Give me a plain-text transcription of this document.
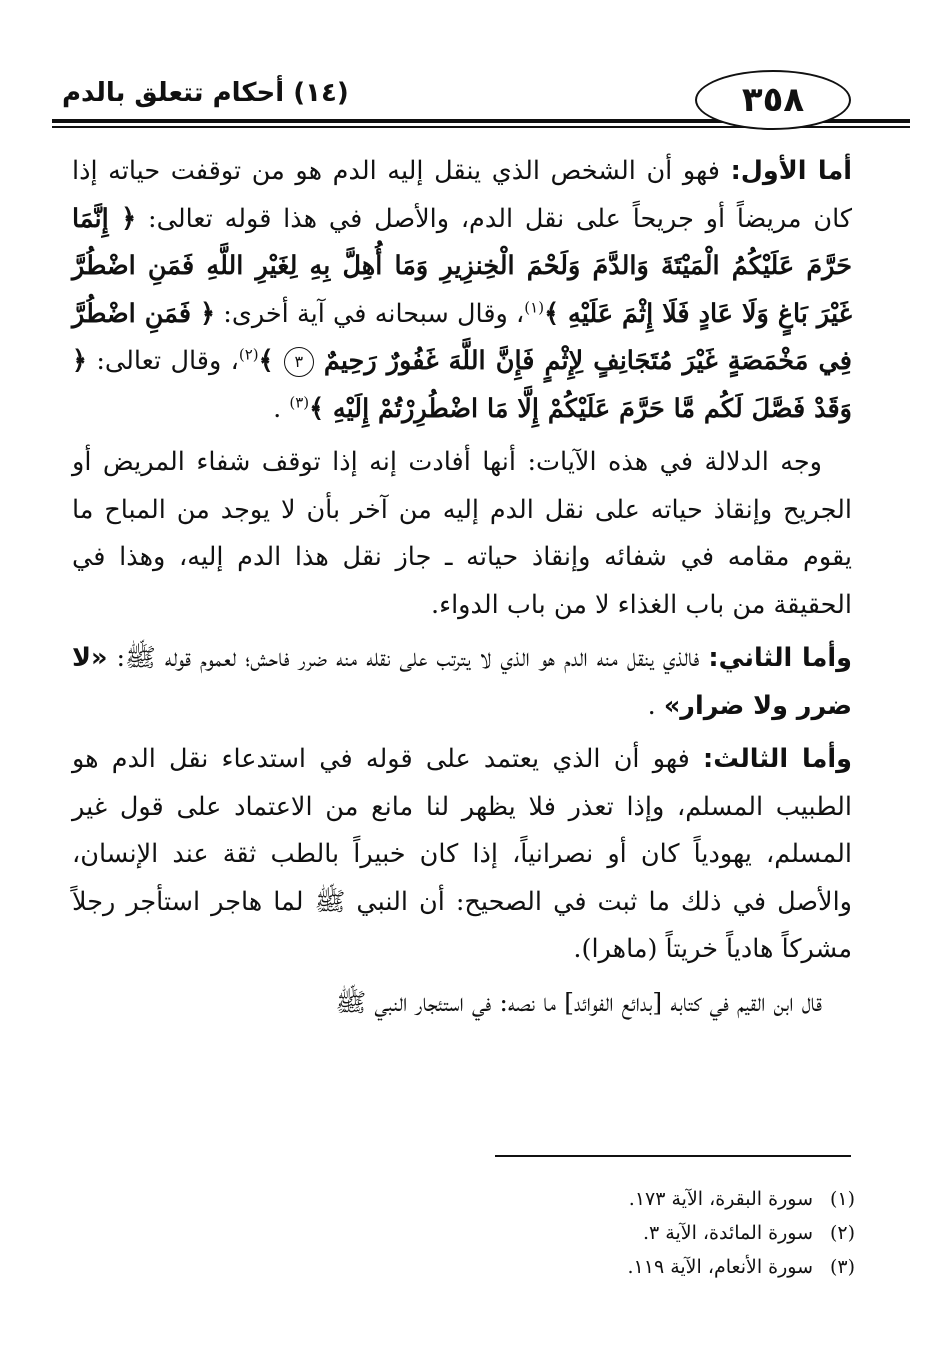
(١٤) أحكام تتعلق بالدم	٣٥٨

أما الأول: فهو أن الشخص الذي ينقل إليه الدم هو من توقفت حياته إذا كان مريضاً أو جريحاً على نقل الدم، والأصل في هذا قوله تعالى: ﴿ إِنَّمَا حَرَّمَ عَلَيْكُمُ الْمَيْتَةَ وَالدَّمَ وَلَحْمَ الْخِنزِيرِ وَمَا أُهِلَّ بِهِ لِغَيْرِ اللَّهِ فَمَنِ اضْطُرَّ غَيْرَ بَاغٍ وَلَا عَادٍ فَلَا إِثْمَ عَلَيْهِ ﴾$^{(١)}$، وقال سبحانه في آية أخرى: ﴿ فَمَنِ اضْطُرَّ فِي مَخْمَصَةٍ غَيْرَ مُتَجَانِفٍ لِإِثْمٍ فَإِنَّ اللَّهَ غَفُورٌ رَحِيمٌ ٣ ﴾$^{(٢)}$، وقال تعالى: ﴿ وَقَدْ فَصَّلَ لَكُم مَّا حَرَّمَ عَلَيْكُمْ إِلَّا مَا اضْطُرِرْتُمْ إِلَيْهِ ﴾$^{(٣)}$ .

وجه الدلالة في هذه الآيات: أنها أفادت إنه إذا توقف شفاء المريض أو الجريح وإنقاذ حياته على نقل الدم إليه من آخر بأن لا يوجد من المباح ما يقوم مقامه في شفائه وإنقاذ حياته ـ جاز نقل هذا الدم إليه، وهذا في الحقيقة من باب الغذاء لا من باب الدواء.

وأما الثاني: فالذي ينقل منه الدم هو الذي لا يترتب على نقله منه ضرر فاحش؛ لعموم قوله ﷺ: «لا ضرر ولا ضرار» .

وأما الثالث: فهو أن الذي يعتمد على قوله في استدعاء نقل الدم هو الطبيب المسلم، وإذا تعذر فلا يظهر لنا مانع من الاعتماد على قول غير المسلم، يهودياً كان أو نصرانياً، إذا كان خبيراً بالطب ثقة عند الإنسان، والأصل في ذلك ما ثبت في الصحيح: أن النبي ﷺ لما هاجر استأجر رجلاً مشركاً هادياً خريتاً (ماهرا).

قال ابن القيم في كتابه [بدائع الفوائد] ما نصه: في استئجار النبي ﷺ

(١)سورة البقرة، الآية ١٧٣.
(٢)سورة المائدة، الآية ٣.
(٣)سورة الأنعام، الآية ١١٩.
